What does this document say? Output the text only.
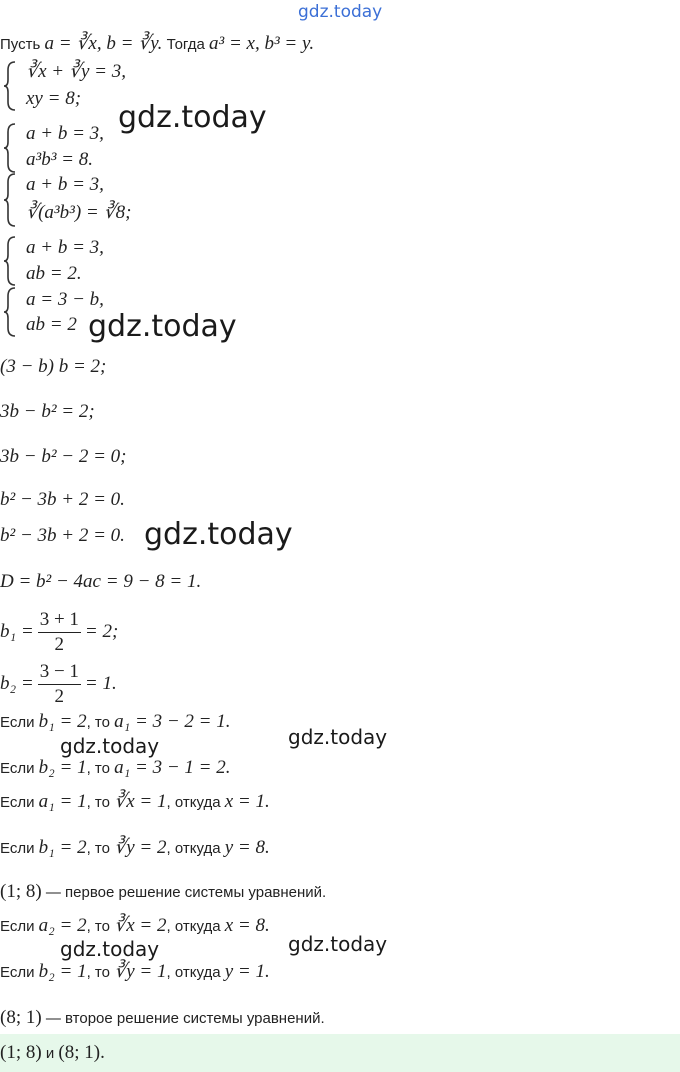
gdz.today
Пусть a = ∛x, b = ∛y. Тогда a³ = x, b³ = y.
∛x + ∛y = 3,
xy = 8;
a + b = 3,
a³b³ = 8.
a + b = 3,
∛(a³b³) = ∛8;
a + b = 3,
ab = 2.
a = 3 − b,
ab = 2
(3 − b) b = 2;
3b − b² = 2;
3b − b² − 2 = 0;
b² − 3b + 2 = 0.
b² − 3b + 2 = 0.
D = b² − 4ac = 9 − 8 = 1.
$b_1 = \frac{3 + 1}{2} = 2$;
$b_2 = \frac{3 - 1}{2} = 1$.
Если b₁ = 2, то a₁ = 3 − 2 = 1.
Если b₂ = 1, то a₁ = 3 − 1 = 2.
Если a₁ = 1, то ∛x = 1, откуда x = 1.
Если b₁ = 2, то ∛y = 2, откуда y = 8.
(1; 8) — первое решение системы уравнений.
Если a₂ = 2, то ∛x = 2, откуда x = 8.
Если b₂ = 1, то ∛y = 1, откуда y = 1.
(8; 1) — второе решение системы уравнений.
(1; 8) и (8; 1).
gdz.today
gdz.today
gdz.today
gdz.today	gdz.today
gdz.today	gdz.today
